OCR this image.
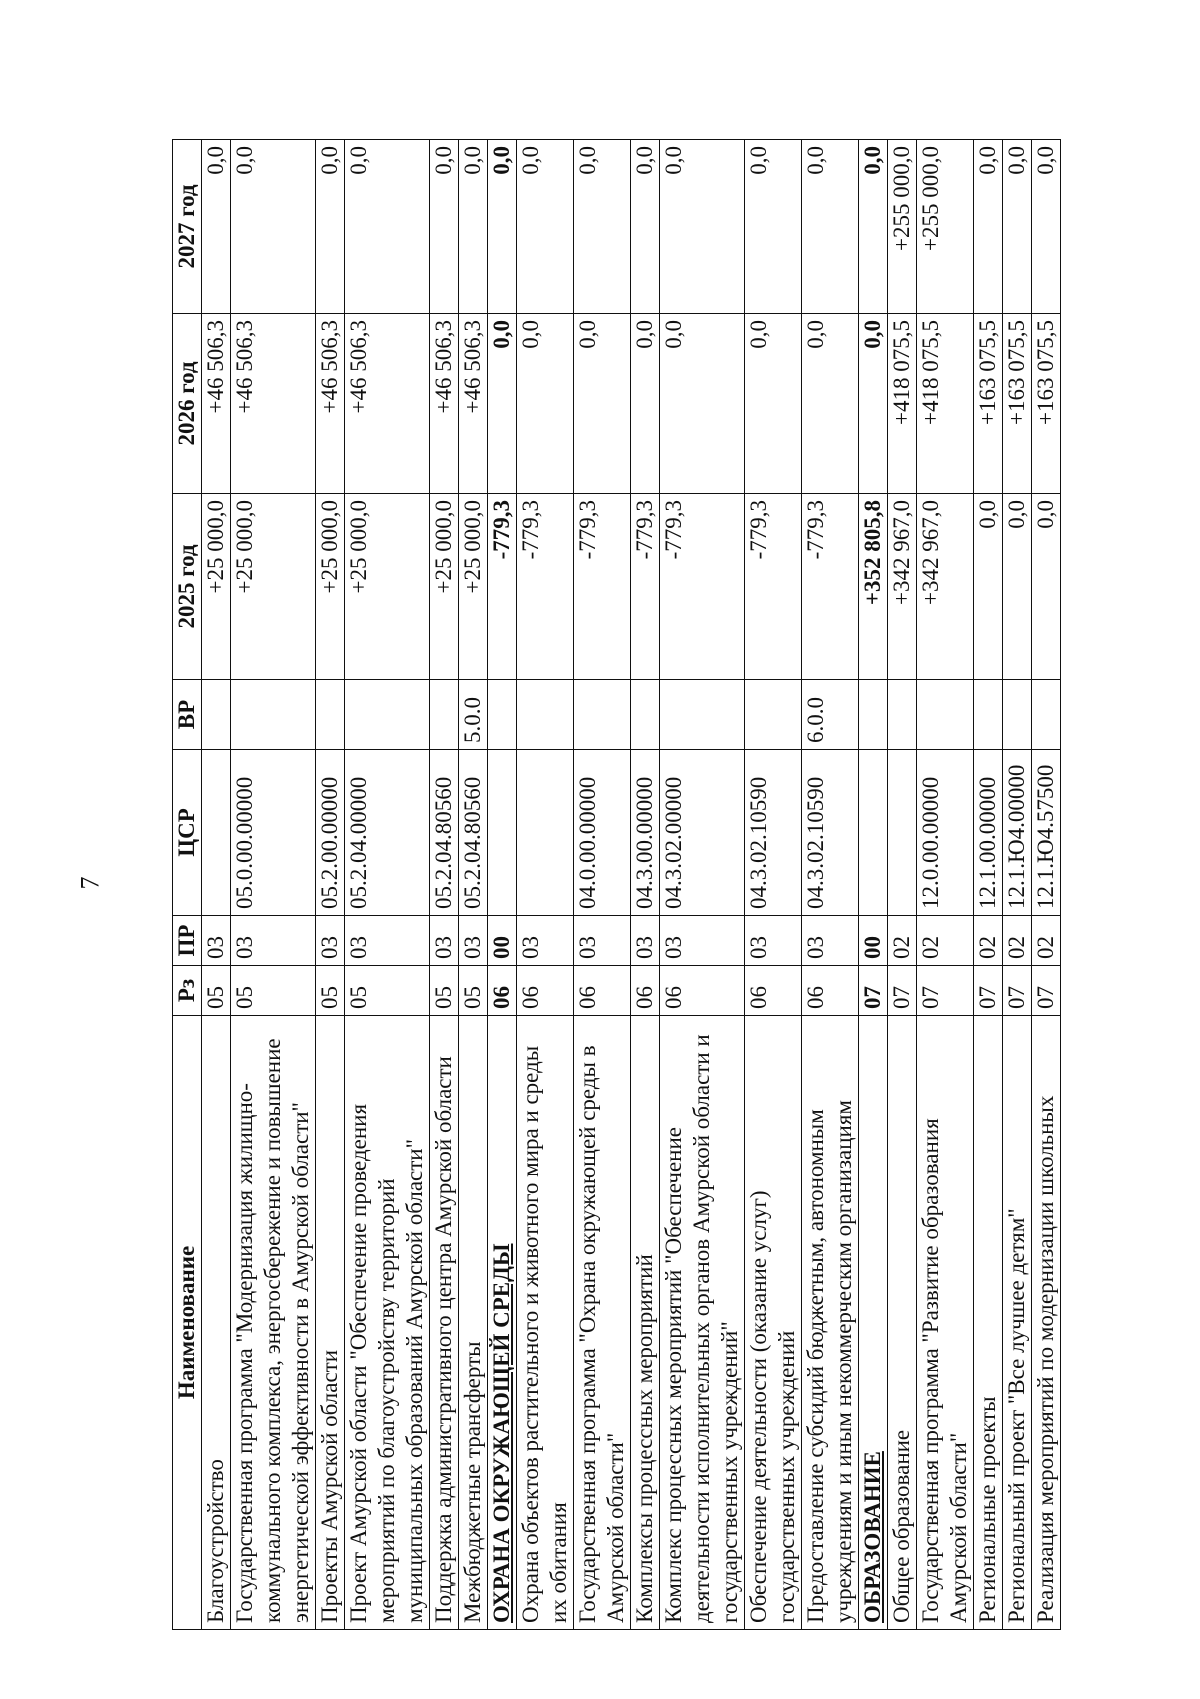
7
Наименование	Рз	ПР	ЦСР	ВР	2025 год	2026 год	2027 год
Благоустройство	05	03			+25 000,0	+46 506,3	0,0
Государственная программа "Модернизация жилищно-коммунального комплекса, энергосбережение и повышение энергетической эффективности в Амурской области"	05	03	05.0.00.00000		+25 000,0	+46 506,3	0,0
Проекты Амурской области	05	03	05.2.00.00000		+25 000,0	+46 506,3	0,0
Проект Амурской области "Обеспечение проведения мероприятий по благоустройству территорий муниципальных образований Амурской области"	05	03	05.2.04.00000		+25 000,0	+46 506,3	0,0
Поддержка административного центра Амурской области	05	03	05.2.04.80560		+25 000,0	+46 506,3	0,0
Межбюджетные трансферты	05	03	05.2.04.80560	5.0.0	+25 000,0	+46 506,3	0,0
ОХРАНА ОКРУЖАЮЩЕЙ СРЕДЫ	06	00			-779,3	0,0	0,0
Охрана объектов растительного и животного мира и среды их обитания	06	03			-779,3	0,0	0,0
Государственная программа "Охрана окружающей среды в Амурской области"	06	03	04.0.00.00000		-779,3	0,0	0,0
Комплексы процессных мероприятий	06	03	04.3.00.00000		-779,3	0,0	0,0
Комплекс процессных мероприятий "Обеспечение деятельности исполнительных органов Амурской области и государственных учреждений"	06	03	04.3.02.00000		-779,3	0,0	0,0
Обеспечение деятельности (оказание услуг) государственных учреждений	06	03	04.3.02.10590		-779,3	0,0	0,0
Предоставление субсидий бюджетным, автономным учреждениям и иным некоммерческим организациям	06	03	04.3.02.10590	6.0.0	-779,3	0,0	0,0
ОБРАЗОВАНИЕ	07	00			+352 805,8	0,0	0,0
Общее образование	07	02			+342 967,0	+418 075,5	+255 000,0
Государственная программа "Развитие образования Амурской области"	07	02	12.0.00.00000		+342 967,0	+418 075,5	+255 000,0
Региональные проекты	07	02	12.1.00.00000		0,0	+163 075,5	0,0
Региональный проект "Все лучшее детям"	07	02	12.1.Ю4.00000		0,0	+163 075,5	0,0
Реализация мероприятий по модернизации школьных	07	02	12.1.Ю4.57500		0,0	+163 075,5	0,0
